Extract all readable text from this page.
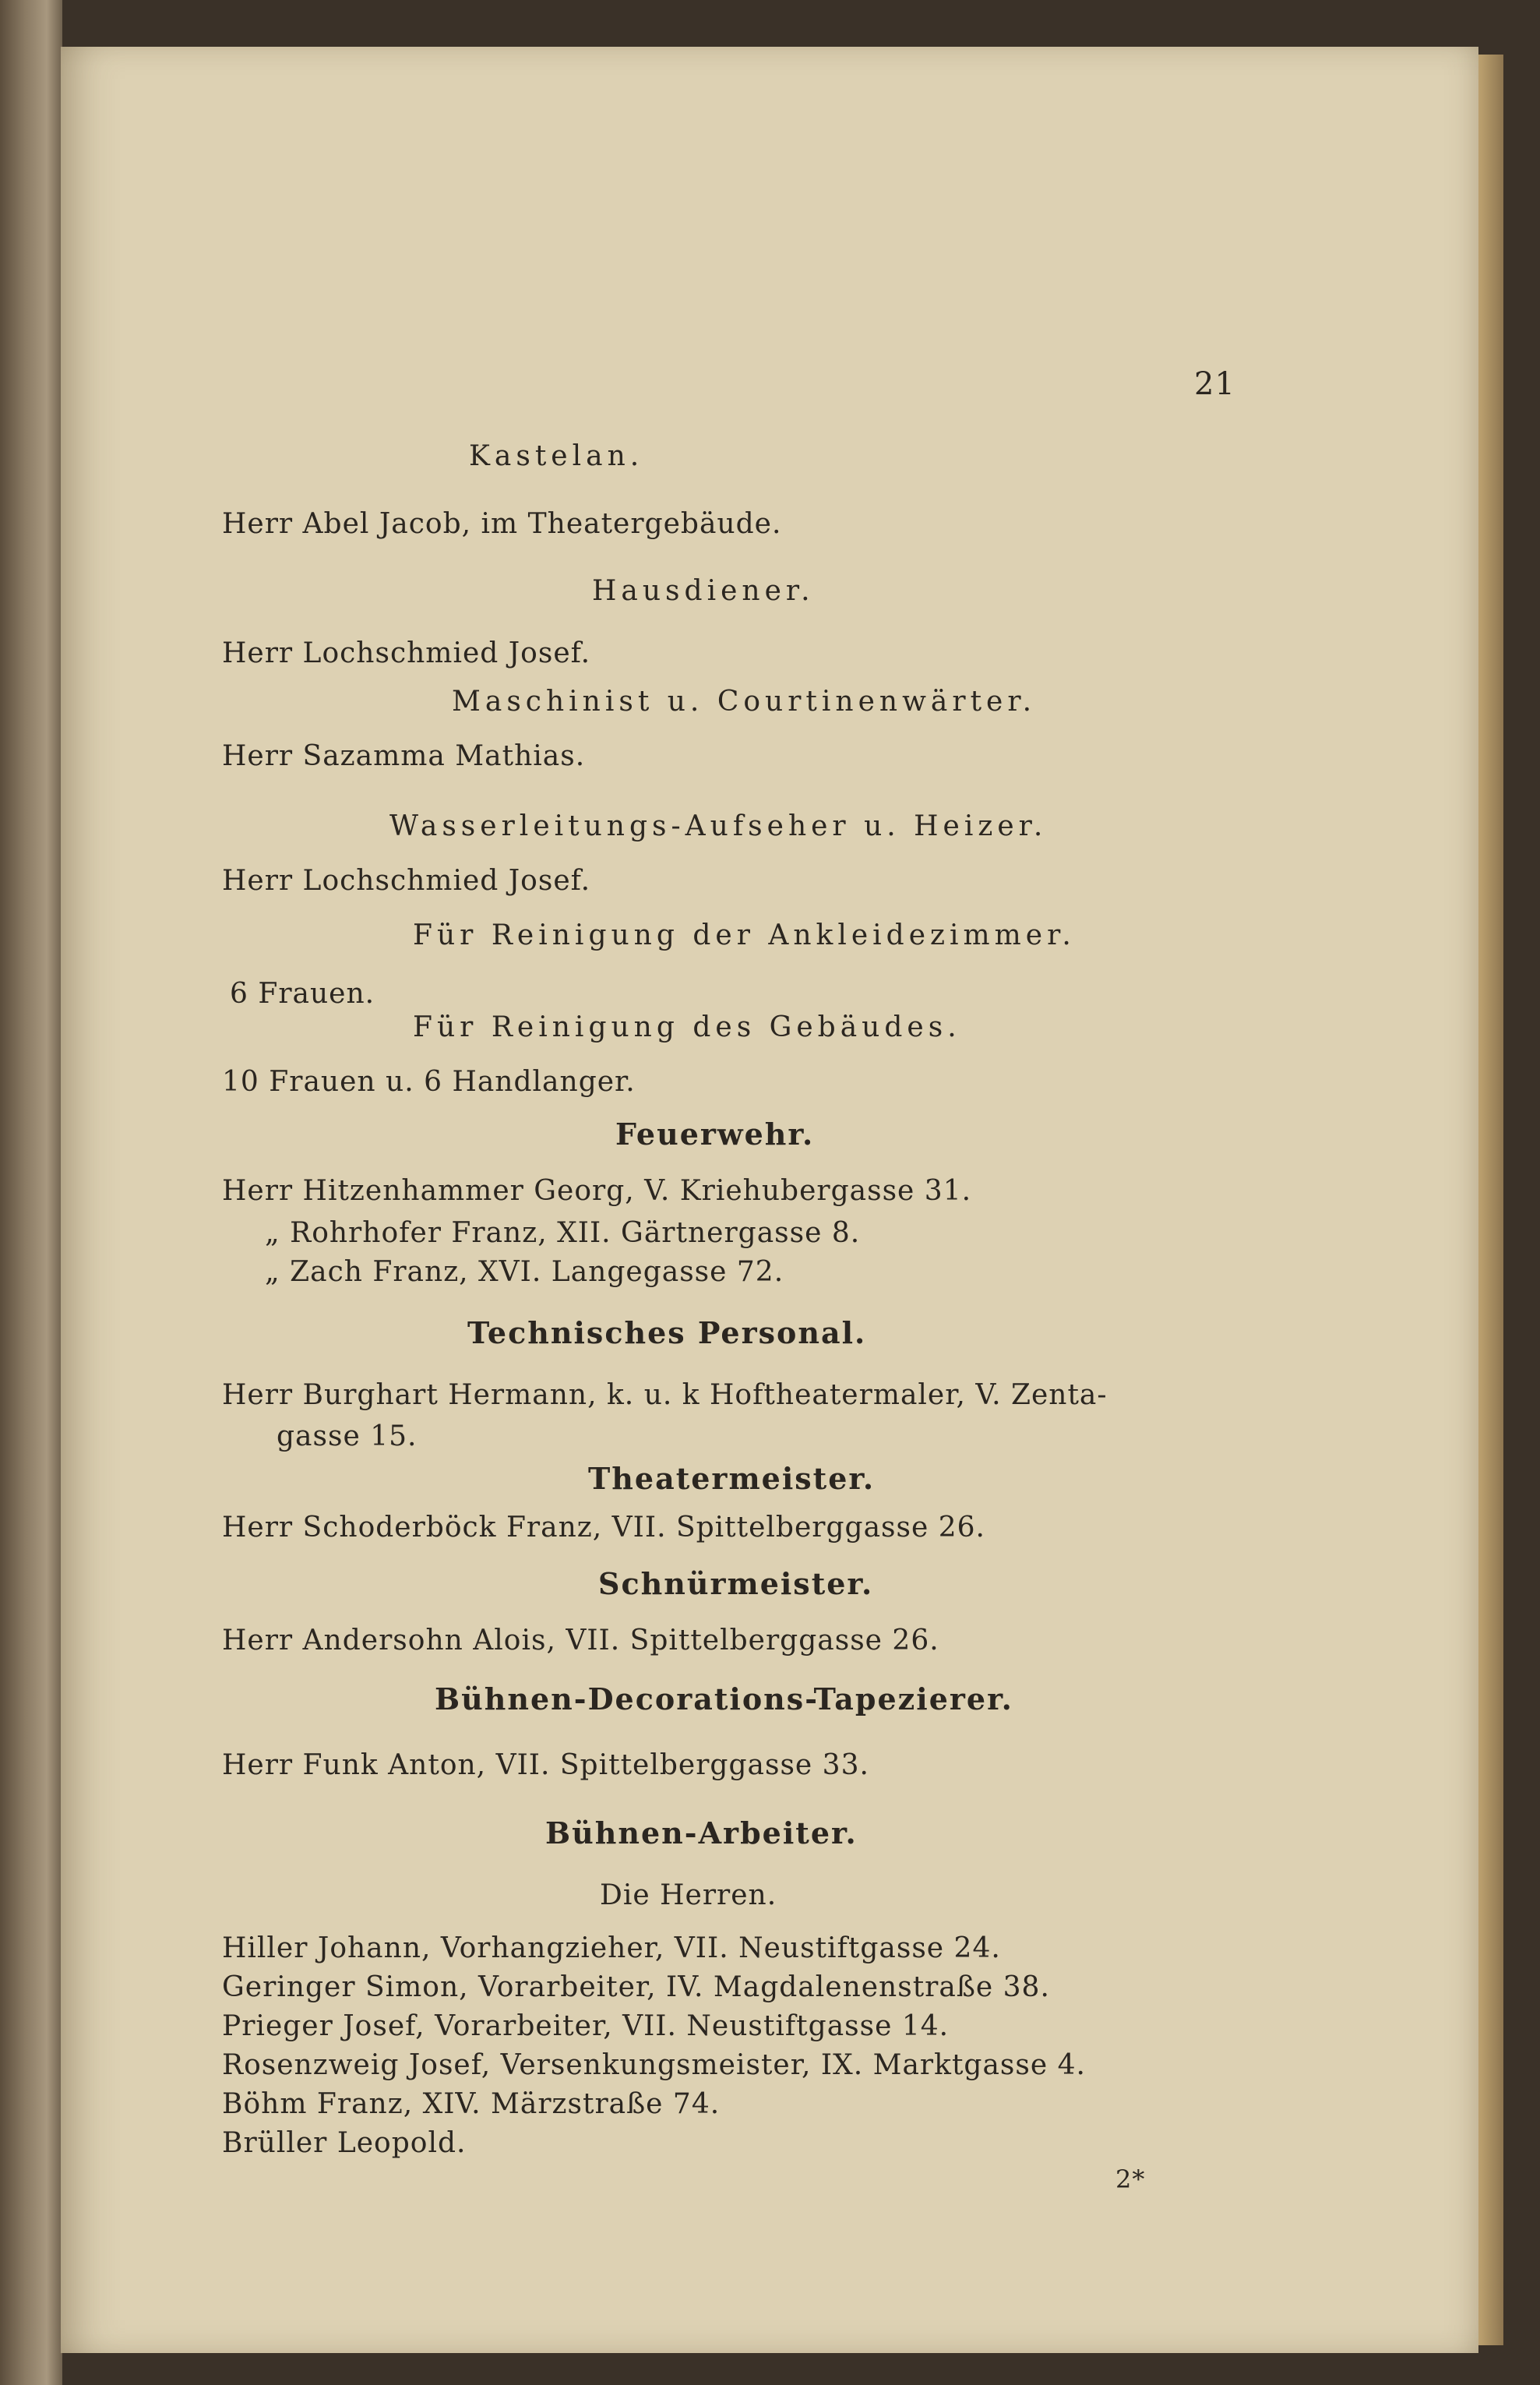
21
Kastelan.
Herr Abel Jacob, im Theatergebäude.
Hausdiener.
Herr Lochschmied Josef.
Maschinist u. Courtinenwärter.
Herr Sazamma Mathias.
Wasserleitungs-Aufseher u. Heizer.
Herr Lochschmied Josef.
Für Reinigung der Ankleidezimmer.
6 Frauen.
Für Reinigung des Gebäudes.
10 Frauen u. 6 Handlanger.
Feuerwehr.
Herr Hitzenhammer Georg, V. Kriehubergasse 31.
„ Rohrhofer Franz, XII. Gärtnergasse 8.
„ Zach Franz, XVI. Langegasse 72.
Technisches Personal.
Herr Burghart Hermann, k. u. k Hoftheatermaler, V. Zenta-
gasse 15.
Theatermeister.
Herr Schoderböck Franz, VII. Spittelberggasse 26.
Schnürmeister.
Herr Andersohn Alois, VII. Spittelberggasse 26.
Bühnen-Decorations-Tapezierer.
Herr Funk Anton, VII. Spittelberggasse 33.
Bühnen-Arbeiter.
Die Herren.
Hiller Johann, Vorhangzieher, VII. Neustiftgasse 24.
Geringer Simon, Vorarbeiter, IV. Magdalenenstraße 38.
Prieger Josef, Vorarbeiter, VII. Neustiftgasse 14.
Rosenzweig Josef, Versenkungsmeister, IX. Marktgasse 4.
Böhm Franz, XIV. Märzstraße 74.
Brüller Leopold.
2*
